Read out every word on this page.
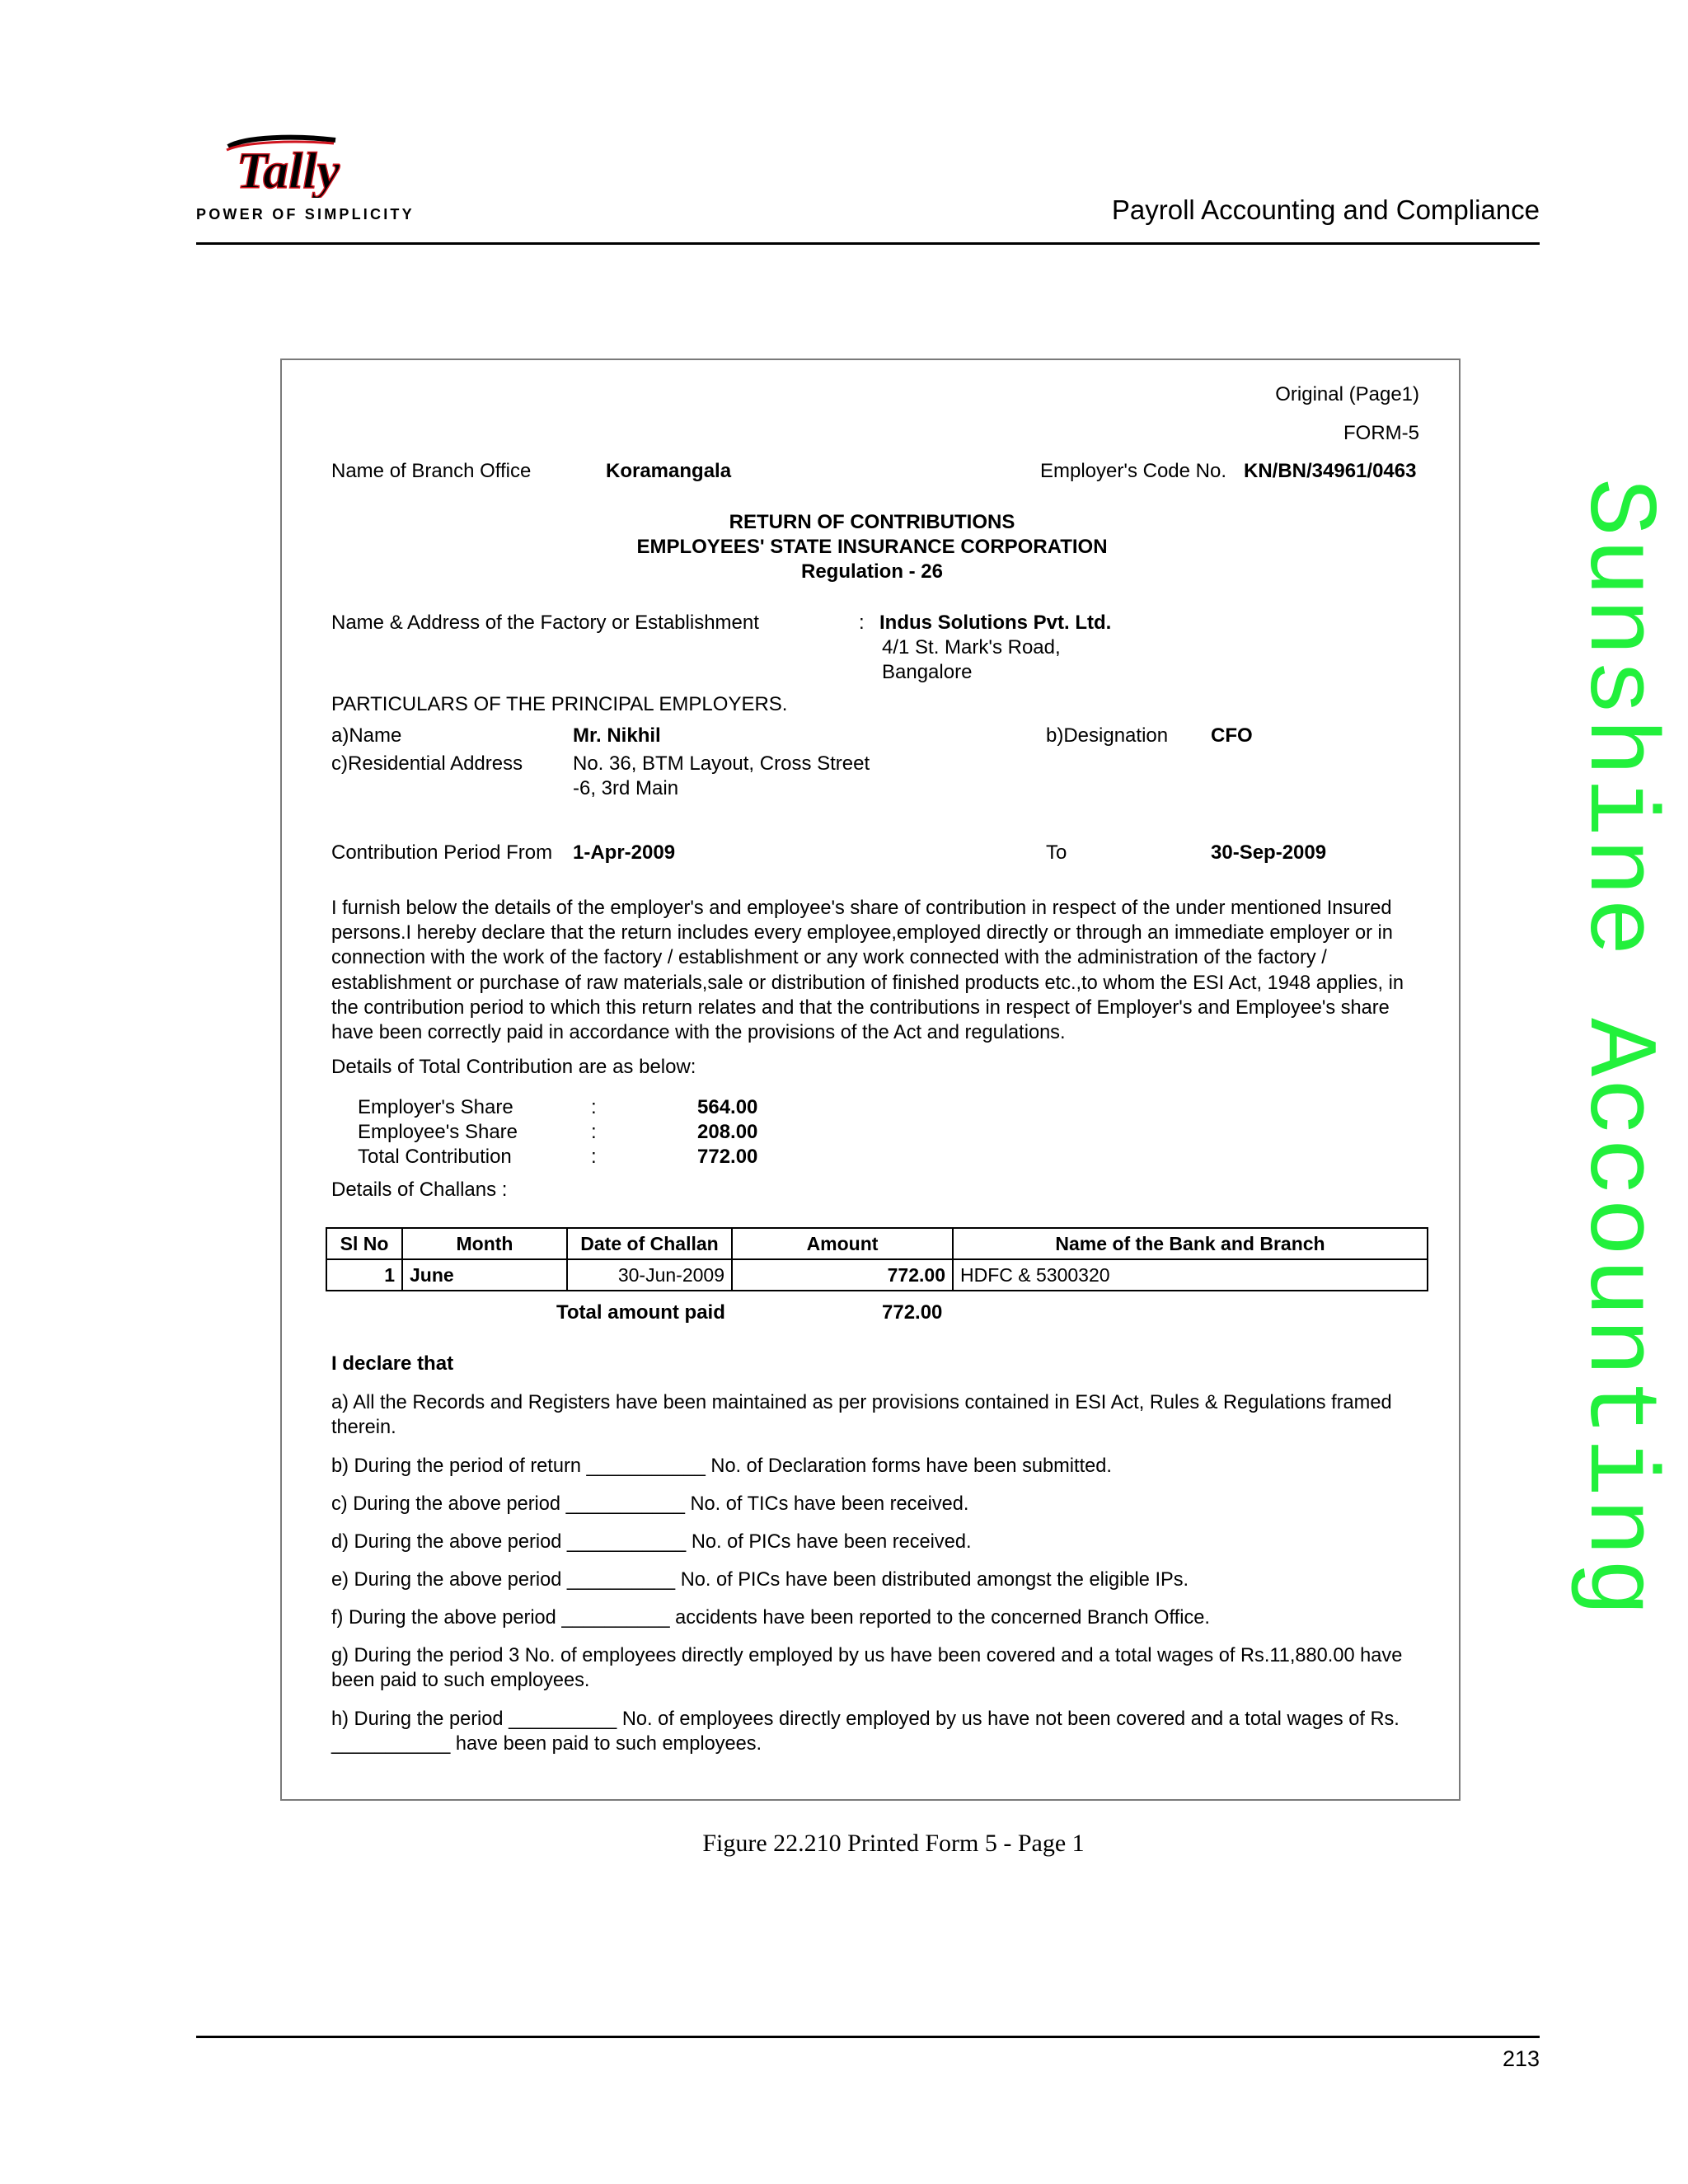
Tally
POWER OF SIMPLICITY	Payroll Accounting and Compliance
Sunshine Accounting
Original (Page1)
FORM-5
Name of Branch Office	Koramangala	Employer's Code No. KN/BN/34961/0463
RETURN OF CONTRIBUTIONS
EMPLOYEES' STATE INSURANCE CORPORATION
Regulation - 26
Name & Address of the Factory or Establishment	: Indus Solutions Pvt. Ltd.
4/1 St. Mark's Road,
Bangalore
PARTICULARS OF THE PRINCIPAL EMPLOYERS.
a)Name	Mr. Nikhil	b)Designation CFO
c)Residential Address	No. 36, BTM Layout, Cross Street
-6, 3rd Main
Contribution Period From 1-Apr-2009	To	30-Sep-2009
I furnish below the details of the employer's and employee's share of contribution in respect of the under mentioned Insured persons.I hereby declare that the return includes every employee,employed directly or through an immediate employer or in connection with the work of the factory / establishment or any work connected with the administration of the factory / establishment or purchase of raw materials,sale or distribution of finished products etc.,to whom the ESI Act, 1948 applies, in the contribution period to which this return relates and that the contributions in respect of Employer's and Employee's share have been correctly paid in accordance with the provisions of the Act and regulations.
Details of Total Contribution are as below:
Employer's Share	:	564.00
Employee's Share	:	208.00
Total Contribution	:	772.00
Details of Challans :
Sl No	Month	Date of Challan	Amount	Name of the Bank and Branch
1	June	30-Jun-2009	772.00	HDFC & 5300320
Total amount paid	772.00
I declare that
a) All the Records and Registers have been maintained as per provisions contained in ESI Act, Rules & Regulations framed therein.
b) During the period of return ___________ No. of Declaration forms have been submitted.
c) During the above period ___________ No. of TICs have been received.
d) During the above period ___________ No. of PICs have been received.
e) During the above period __________ No. of PICs have been distributed amongst the eligible IPs.
f) During the above period __________ accidents have been reported to the concerned Branch Office.
g) During the period 3 No. of employees directly employed by us have been covered and a total wages of Rs.11,880.00 have been paid to such employees.
h) During the period __________ No. of employees directly employed by us have not been covered and a total wages of Rs. ___________ have been paid to such employees.
Figure 22.210 Printed Form 5 - Page 1
213
